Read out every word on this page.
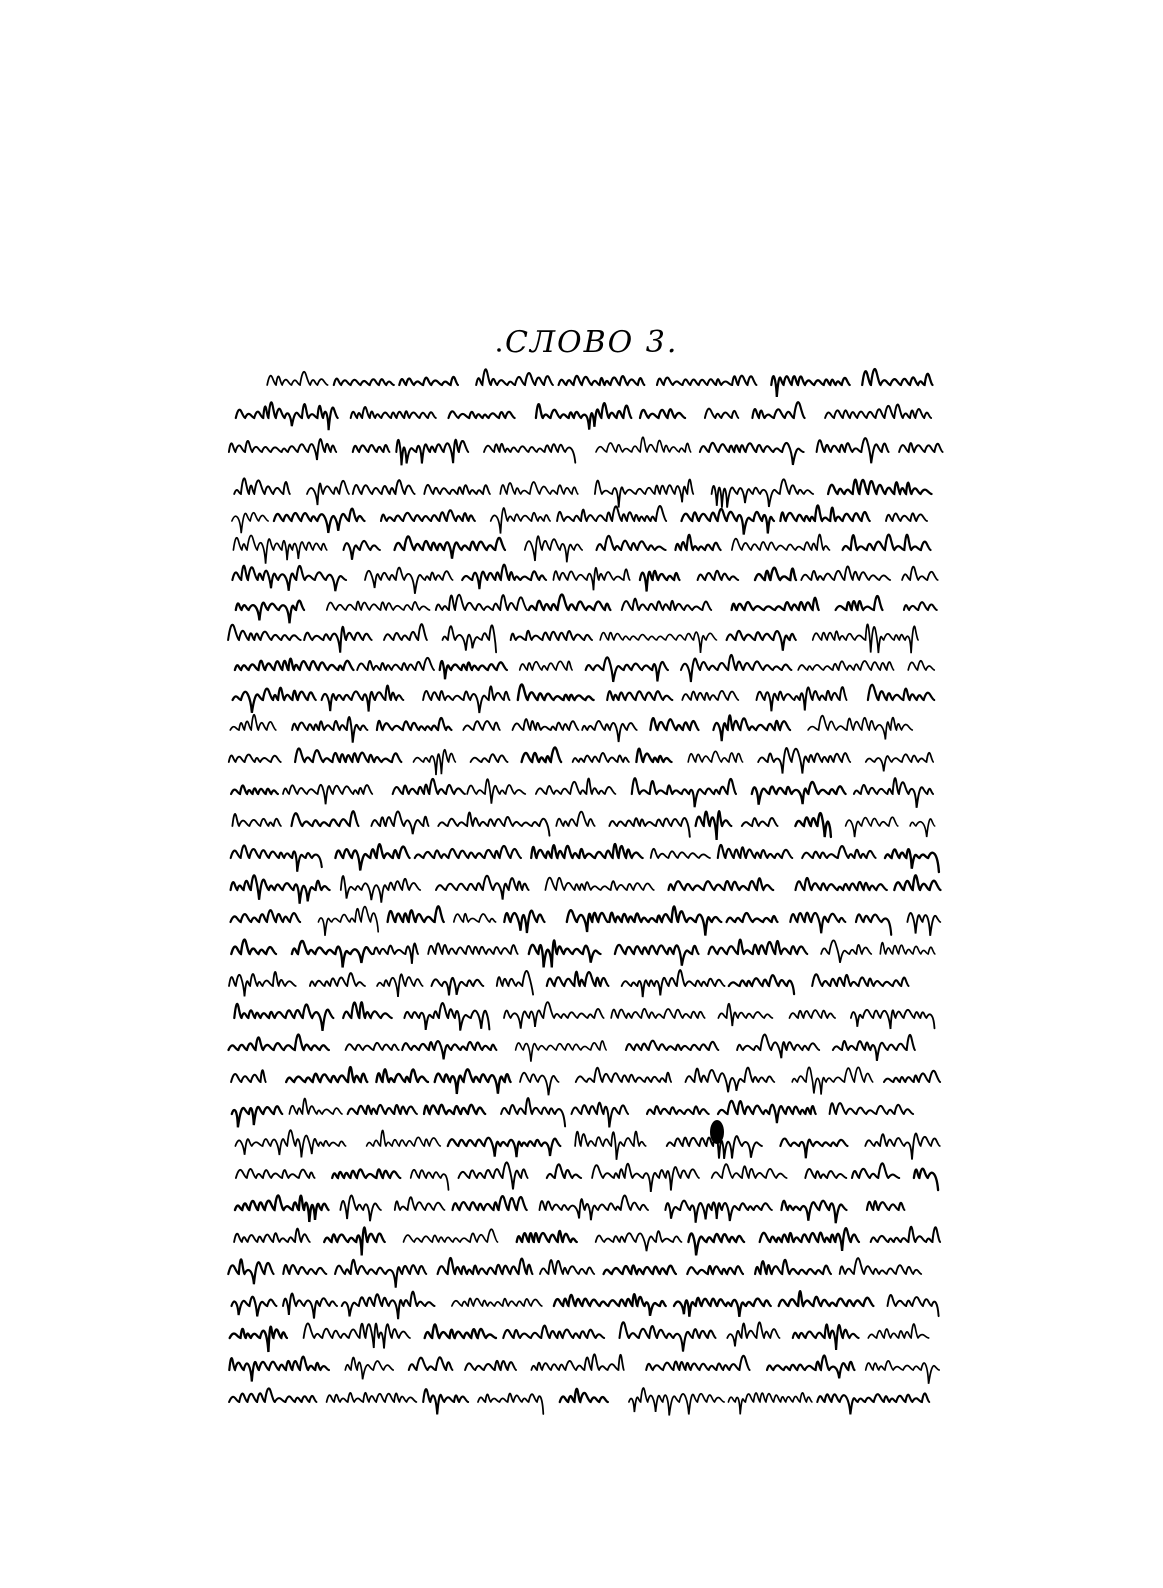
СЛОВО 3.
